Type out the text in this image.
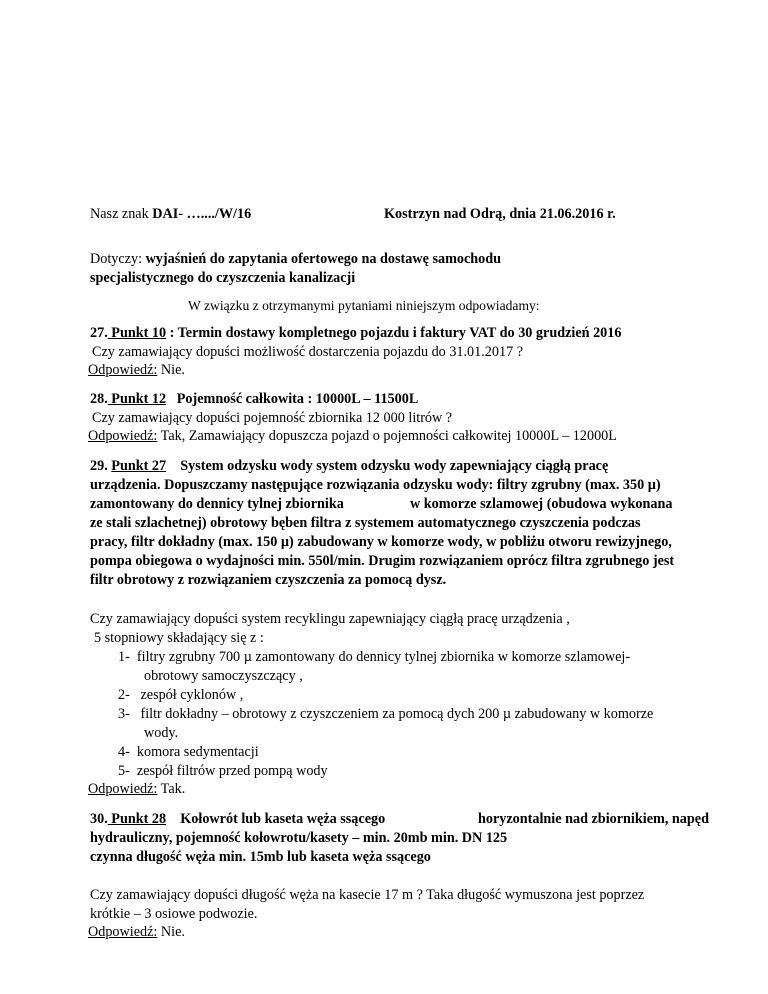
Nasz znak DAI- …..../W/16	Kostrzyn nad Odrą, dnia 21.06.2016 r.
Dotyczy: wyjaśnień do zapytania ofertowego na dostawę samochodu
specjalistycznego do czyszczenia kanalizacji
W związku z otrzymanymi pytaniami niniejszym odpowiadamy:
27. Punkt 10 : Termin dostawy kompletnego pojazdu i faktury VAT do 30 grudzień 2016
Czy zamawiający dopuści możliwość dostarczenia pojazdu do 31.01.2017 ?
Odpowiedź: Nie.
28. Punkt 12 Pojemność całkowita : 10000L – 11500L
Czy zamawiający dopuści pojemność zbiornika 12 000 litrów ?
Odpowiedź: Tak, Zamawiający dopuszcza pojazd o pojemności całkowitej 10000L – 12000L
29. Punkt 27 System odzysku wody system odzysku wody zapewniający ciągłą pracę
urządzenia. Dopuszczamy następujące rozwiązania odzysku wody: filtry zgrubny (max. 350 µ)
zamontowany do dennicy tylnej zbiornika	w komorze szlamowej (obudowa wykonana
ze stali szlachetnej) obrotowy bęben filtra z systemem automatycznego czyszczenia podczas
pracy, filtr dokładny (max. 150 µ) zabudowany w komorze wody, w pobliżu otworu rewizyjnego,
pompa obiegowa o wydajności min. 550l/min. Drugim rozwiązaniem oprócz filtra zgrubnego jest
filtr obrotowy z rozwiązaniem czyszczenia za pomocą dysz.
Czy zamawiający dopuści system recyklingu zapewniający ciągłą pracę urządzenia ,
5 stopniowy składający się z :
1- filtry zgrubny 700 µ zamontowany do dennicy tylnej zbiornika w komorze szlamowej-
obrotowy samoczyszczący ,
2-   zespół cyklonów ,
3-   filtr dokładny – obrotowy z czyszczeniem za pomocą dych 200 µ zabudowany w komorze
wody.
4- komora sedymentacji
5- zespół filtrów przed pompą wody
Odpowiedź: Tak.
30. Punkt 28 Kołowrót lub kaseta węża ssącego	horyzontalnie nad zbiornikiem, napęd
hydrauliczny, pojemność kołowrotu/kasety – min. 20mb min. DN 125
czynna długość węża min. 15mb lub kaseta węża ssącego
Czy zamawiający dopuści długość węża na kasecie 17 m ? Taka długość wymuszona jest poprzez
krótkie – 3 osiowe podwozie.
Odpowiedź: Nie.
